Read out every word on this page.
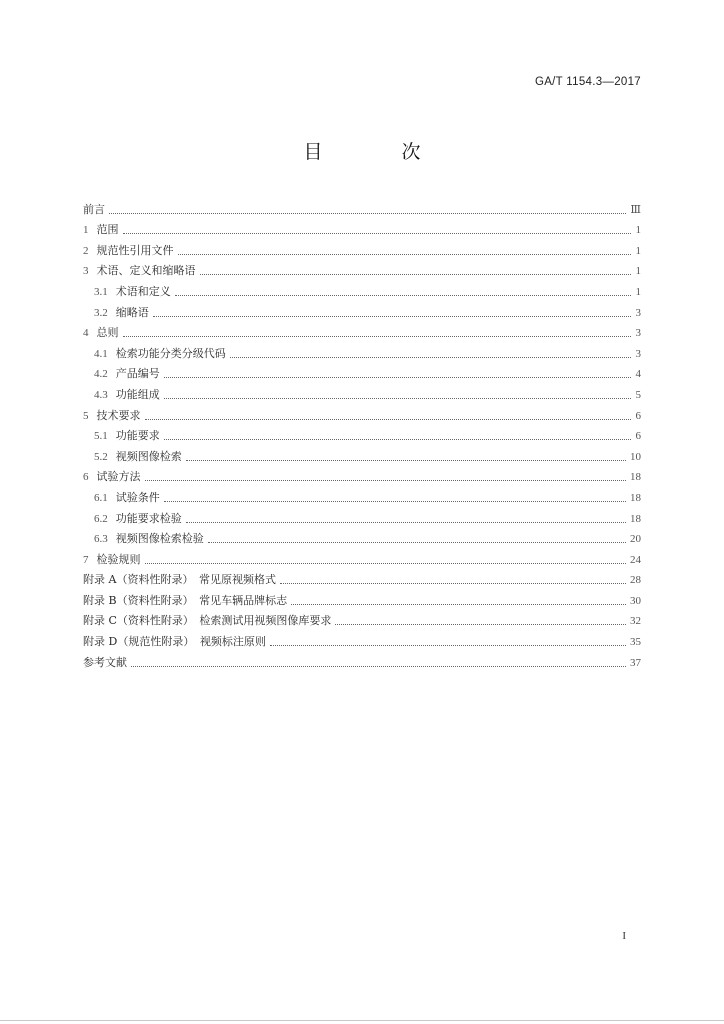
GA/T 1154.3—2017
目　次
前言	Ⅲ
1 范围	1
2 规范性引用文件	1
3 术语、定义和缩略语	1
3.1 术语和定义	1
3.2 缩略语	3
4 总则	3
4.1 检索功能分类分级代码	3
4.2 产品编号	4
4.3 功能组成	5
5 技术要求	6
5.1 功能要求	6
5.2 视频图像检索	10
6 试验方法	18
6.1 试验条件	18
6.2 功能要求检验	18
6.3 视频图像检索检验	20
7 检验规则	24
附录 A（资料性附录）　常见原视频格式	28
附录 B（资料性附录）　常见车辆品牌标志	30
附录 C（资料性附录）　检索测试用视频图像库要求	32
附录 D（规范性附录）　视频标注原则	35
参考文献	37
I
